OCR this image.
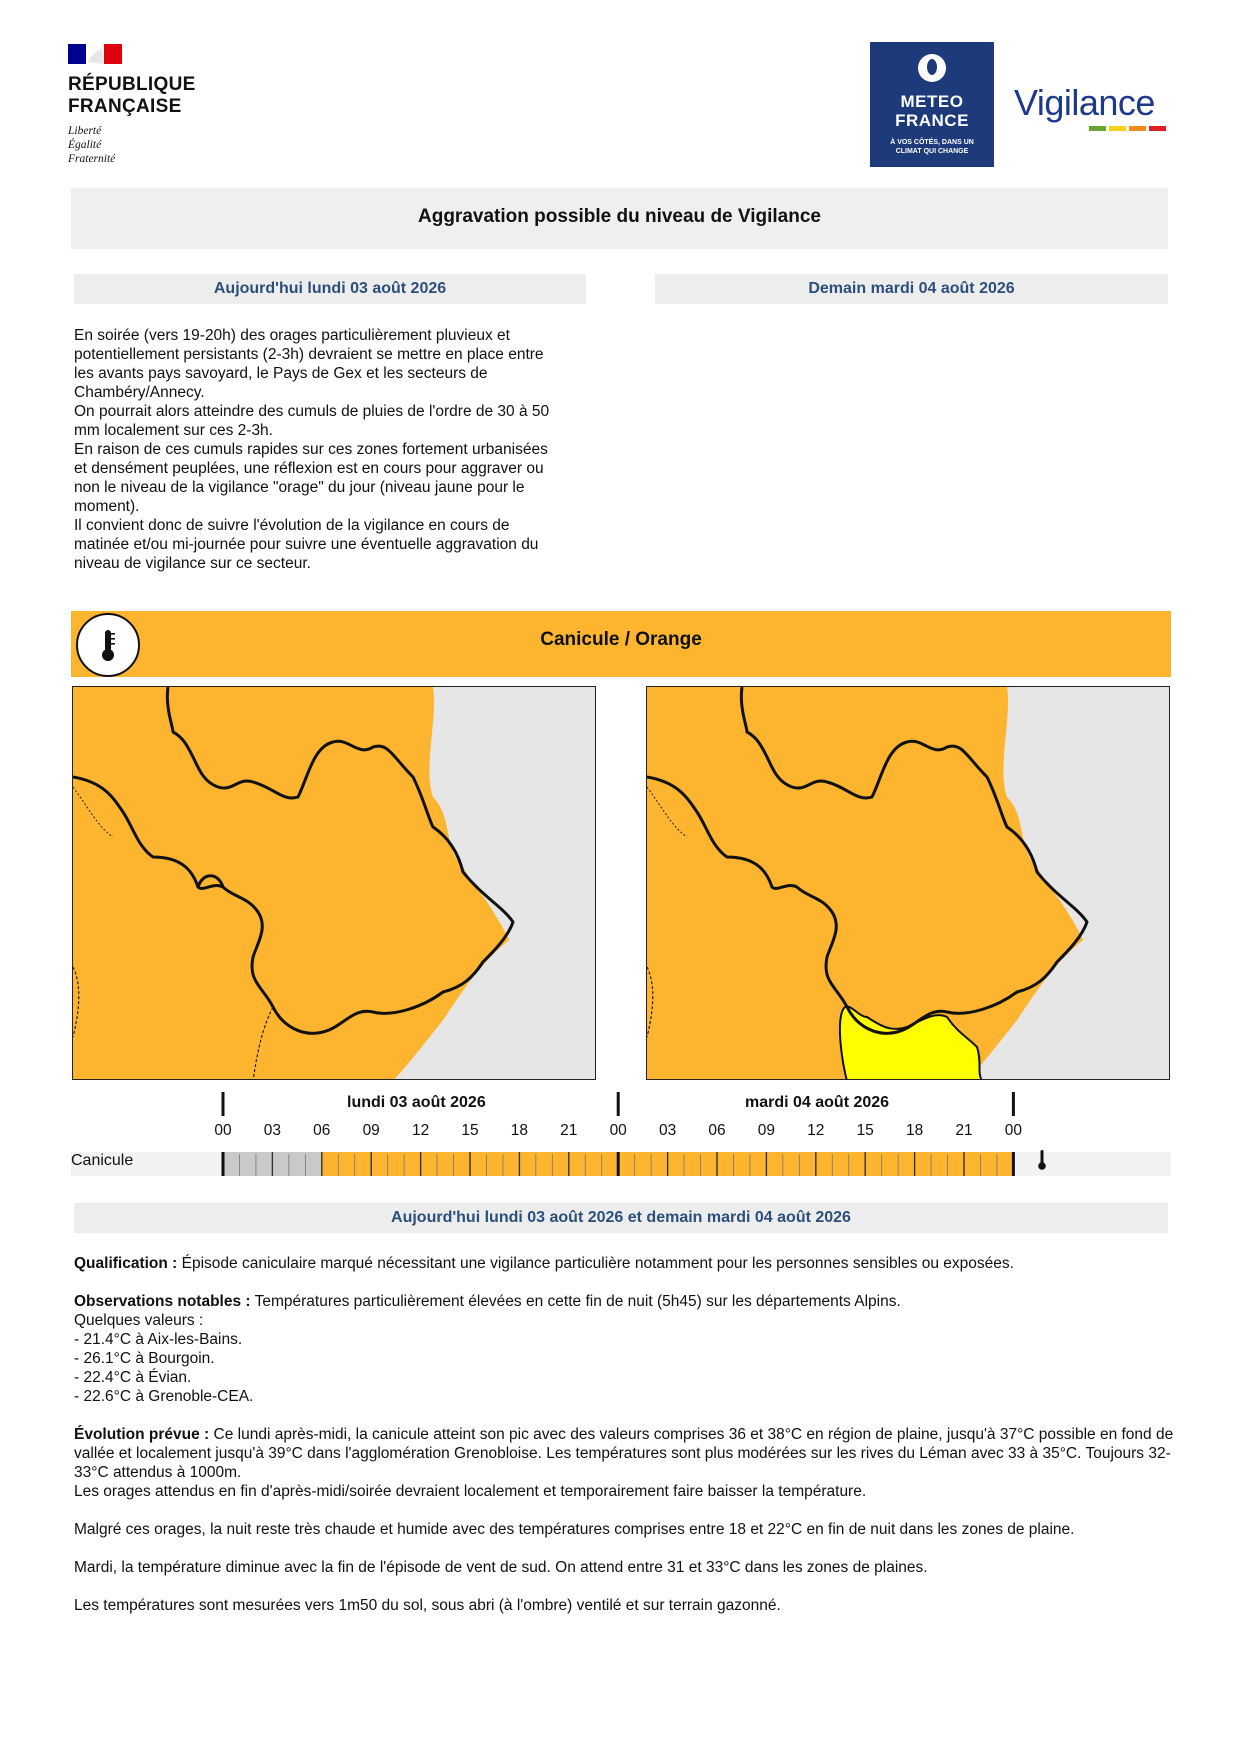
RÉPUBLIQUE
FRANÇAISE
Liberté
Égalité
Fraternité
METEO
FRANCE
À VOS CÔTÉS, DANS UN
CLIMAT QUI CHANGE
Vigilance
Aggravation possible du niveau de Vigilance
Aujourd'hui lundi 03 août 2026	Demain mardi 04 août 2026
En soirée (vers 19-20h) des orages particulièrement pluvieux et
potentiellement persistants (2-3h) devraient se mettre en place entre
les avants pays savoyard, le Pays de Gex et les secteurs de
Chambéry/Annecy.
On pourrait alors atteindre des cumuls de pluies de l'ordre de 30 à 50
mm localement sur ces 2-3h.
En raison de ces cumuls rapides sur ces zones fortement urbanisées
et densément peuplées, une réflexion est en cours pour aggraver ou
non le niveau de la vigilance "orage" du jour (niveau jaune pour le
moment).
Il convient donc de suivre l'évolution de la vigilance en cours de
matinée et/ou mi-journée pour suivre une éventuelle aggravation du
niveau de vigilance sur ce secteur.
Canicule / Orange
lundi 03 août 2026	mardi 04 août 2026
00	03	06	09	12	15	18	21	00	03	06	09	12	15	18	21	00
Canicule
Aujourd'hui lundi 03 août 2026 et demain mardi 04 août 2026

Qualification : Épisode caniculaire marqué nécessitant une vigilance particulière notamment pour les personnes sensibles ou exposées.

Observations notables : Températures particulièrement élevées en cette fin de nuit (5h45) sur les départements Alpins.
Quelques valeurs :
- 21.4°C à Aix-les-Bains.
- 26.1°C à Bourgoin.
- 22.4°C à Évian.
- 22.6°C à Grenoble-CEA.

Évolution prévue : Ce lundi après-midi, la canicule atteint son pic avec des valeurs comprises 36 et 38°C en région de plaine, jusqu'à 37°C possible en fond de vallée et localement jusqu'à 39°C dans l'agglomération Grenobloise. Les températures sont plus modérées sur les rives du Léman avec 33 à 35°C. Toujours 32-33°C attendus à 1000m.
Les orages attendus en fin d'après-midi/soirée devraient localement et temporairement faire baisser la température.

Malgré ces orages, la nuit reste très chaude et humide avec des températures comprises entre 18 et 22°C en fin de nuit dans les zones de plaine.

Mardi, la température diminue avec la fin de l'épisode de vent de sud. On attend entre 31 et 33°C dans les zones de plaines.

Les températures sont mesurées vers 1m50 du sol, sous abri (à l'ombre) ventilé et sur terrain gazonné.
